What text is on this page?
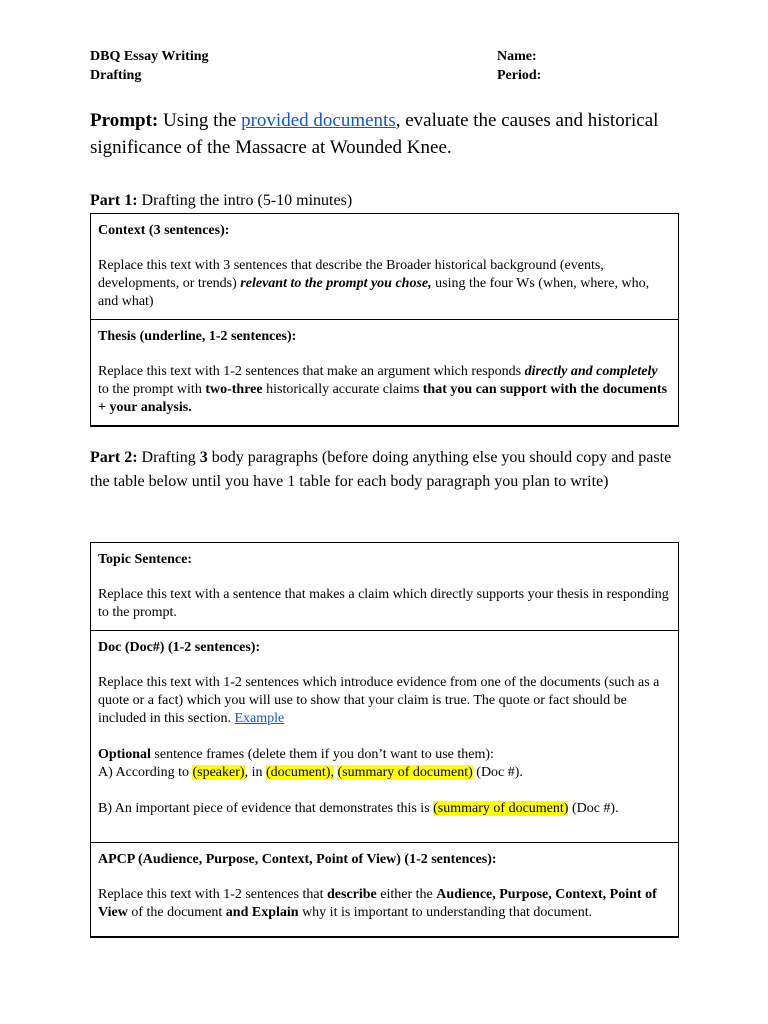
DBQ Essay Writing
Drafting
Name:
Period:
Prompt: Using the provided documents, evaluate the causes and historical significance of the Massacre at Wounded Knee.
Part 1: Drafting the intro (5-10 minutes)

Context (3 sentences):

Replace this text with 3 sentences that describe the Broader historical background (events, developments, or trends) relevant to the prompt you chose, using the four Ws (when, where, who, and what)

Thesis (underline, 1-2 sentences):

Replace this text with 1-2 sentences that make an argument which responds directly and completely to the prompt with two-three historically accurate claims that you can support with the documents + your analysis.

Part 2: Drafting 3 body paragraphs (before doing anything else you should copy and paste the table below until you have 1 table for each body paragraph you plan to write)

Topic Sentence:

Replace this text with a sentence that makes a claim which directly supports your thesis in responding to the prompt.

Doc (Doc#) (1-2 sentences):

Replace this text with 1-2 sentences which introduce evidence from one of the documents (such as a quote or a fact) which you will use to show that your claim is true. The quote or fact should be included in this section. Example

Optional sentence frames (delete them if you don’t want to use them):

A) According to (speaker), in (document), (summary of document) (Doc #).

B) An important piece of evidence that demonstrates this is (summary of document) (Doc #).

APCP (Audience, Purpose, Context, Point of View) (1-2 sentences):

Replace this text with 1-2 sentences that describe either the Audience, Purpose, Context, Point of View of the document and Explain why it is important to understanding that document.
